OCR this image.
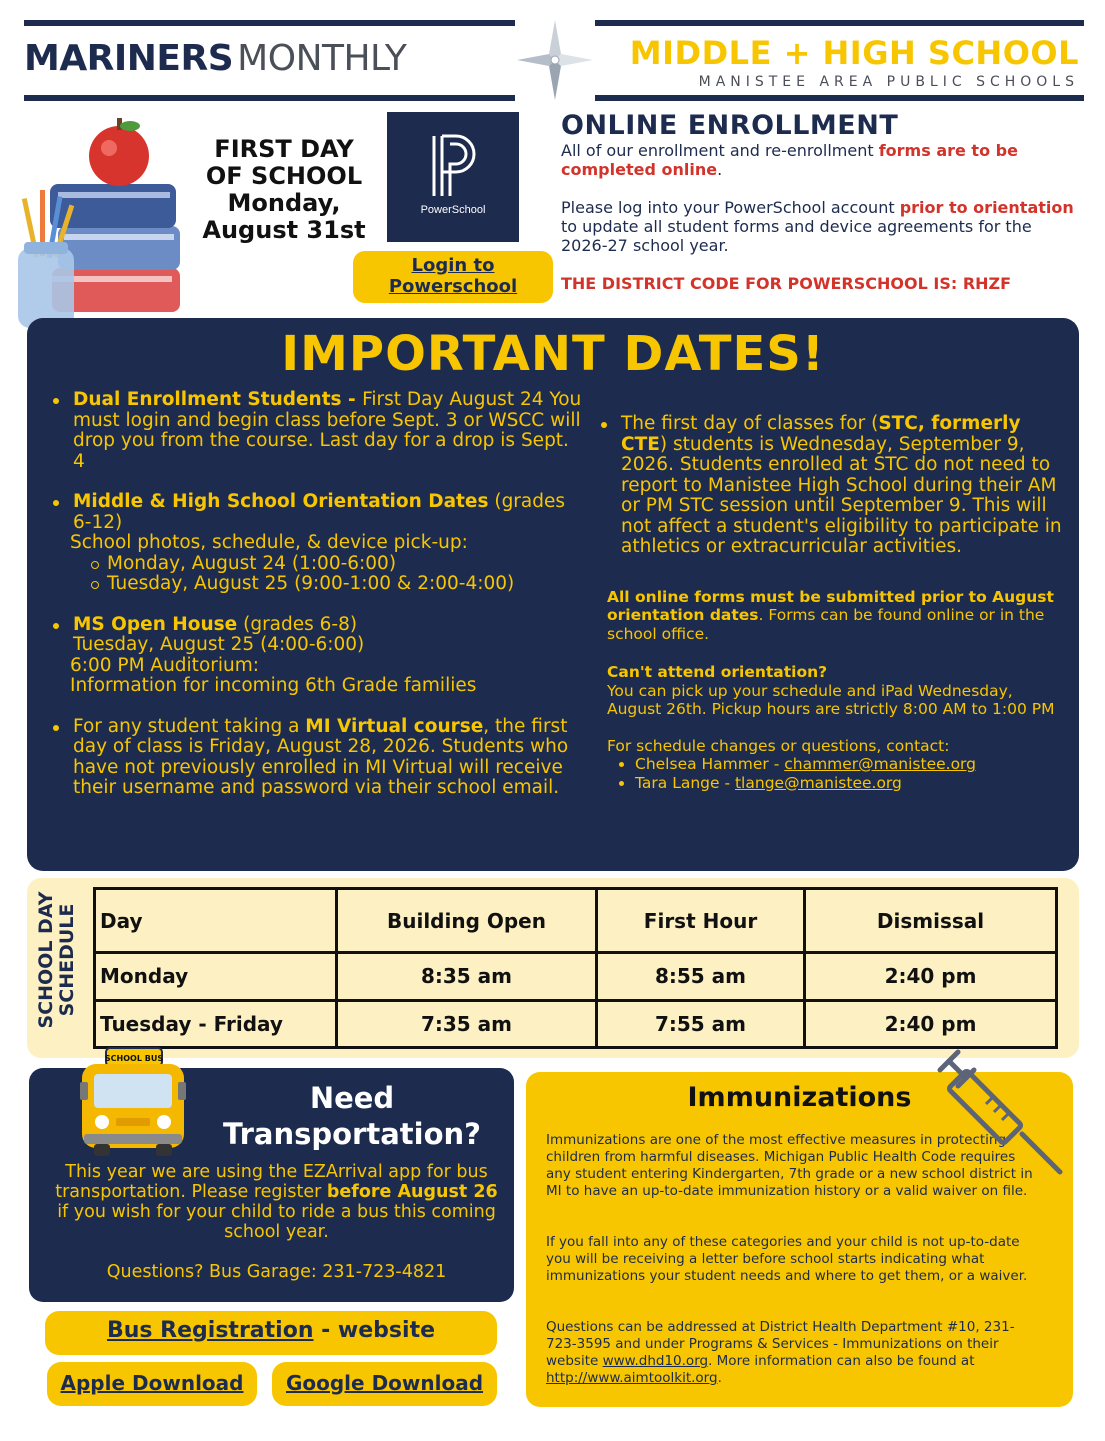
MARINERS MONTHLY	MIDDLE + HIGH SCHOOL
MANISTEE AREA PUBLIC SCHOOLS
FIRST DAY
OF SCHOOL
Monday,
August 31st
PowerSchool
Login to
Powerschool
ONLINE ENROLLMENT

All of our enrollment and re-enrollment forms are to be completed online.

Please log into your PowerSchool account prior to orientation to update all student forms and device agreements for the 2026-27 school year.

THE DISTRICT CODE FOR POWERSCHOOL IS: RHZF

IMPORTANT DATES!
Dual Enrollment Students - First Day August 24 You must login and begin class before Sept. 3 or WSCC will drop you from the course. Last day for a drop is Sept. 4
Middle & High School Orientation Dates (grades 6-12)
School photos, schedule, & device pick-up:
Monday, August 24 (1:00-6:00)
Tuesday, August 25 (9:00-1:00 & 2:00-4:00)
MS Open House (grades 6-8)
Tuesday, August 25 (4:00-6:00)
6:00 PM Auditorium:
Information for incoming 6th Grade families
For any student taking a MI Virtual course, the first day of class is Friday, August 28, 2026. Students who have not previously enrolled in MI Virtual will receive their username and password via their school email.
The first day of classes for (STC, formerly CTE) students is Wednesday, September 9, 2026. Students enrolled at STC do not need to report to Manistee High School during their AM or PM STC session until September 9. This will not affect a student's eligibility to participate in athletics or extracurricular activities.
All online forms must be submitted prior to August orientation dates. Forms can be found online or in the school office.
Can't attend orientation?
You can pick up your schedule and iPad Wednesday, August 26th. Pickup hours are strictly 8:00 AM to 1:00 PM
For schedule changes or questions, contact:
Chelsea Hammer - chammer@manistee.org
Tara Lange - tlange@manistee.org
SCHOOL DAY SCHEDULE Day	Building Open	First Hour	Dismissal
Monday	8:35 am	8:55 am	2:40 pm
Tuesday - Friday	7:35 am	7:55 am	2:40 pm
Need
Transportation?

This year we are using the EZArrival app for bus transportation. Please register before August 26 if you wish for your child to ride a bus this coming school year.

Questions? Bus Garage: 231-723-4821

SCHOOL BUS
Bus Registration - website
Apple Download	Google Download
Immunizations

Immunizations are one of the most effective measures in protecting children from harmful diseases. Michigan Public Health Code requires any student entering Kindergarten, 7th grade or a new school district in MI to have an up-to-date immunization history or a valid waiver on file.

If you fall into any of these categories and your child is not up-to-date you will be receiving a letter before school starts indicating what immunizations your student needs and where to get them, or a waiver.

Questions can be addressed at District Health Department #10, 231-723-3595 and under Programs & Services - Immunizations on their website www.dhd10.org. More information can also be found at http://www.aimtoolkit.org.
